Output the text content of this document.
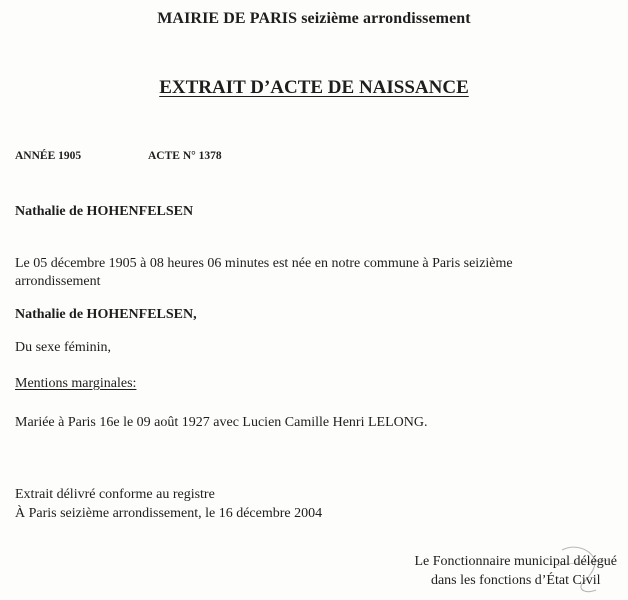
MAIRIE DE PARIS seizième arrondissement
EXTRAIT D’ACTE DE NAISSANCE
ANNÉE 1905	ACTE N° 1378
Nathalie de HOHENFELSEN
Le 05 décembre 1905 à 08 heures 06 minutes est née en notre commune à Paris seizième arrondissement
Nathalie de HOHENFELSEN,
Du sexe féminin,
Mentions marginales:
Mariée à Paris 16e le 09 août 1927 avec Lucien Camille Henri LELONG.
Extrait délivré conforme au registre
À Paris seizième arrondissement, le 16 décembre 2004
Le Fonctionnaire municipal délégué
dans les fonctions d’État Civil
